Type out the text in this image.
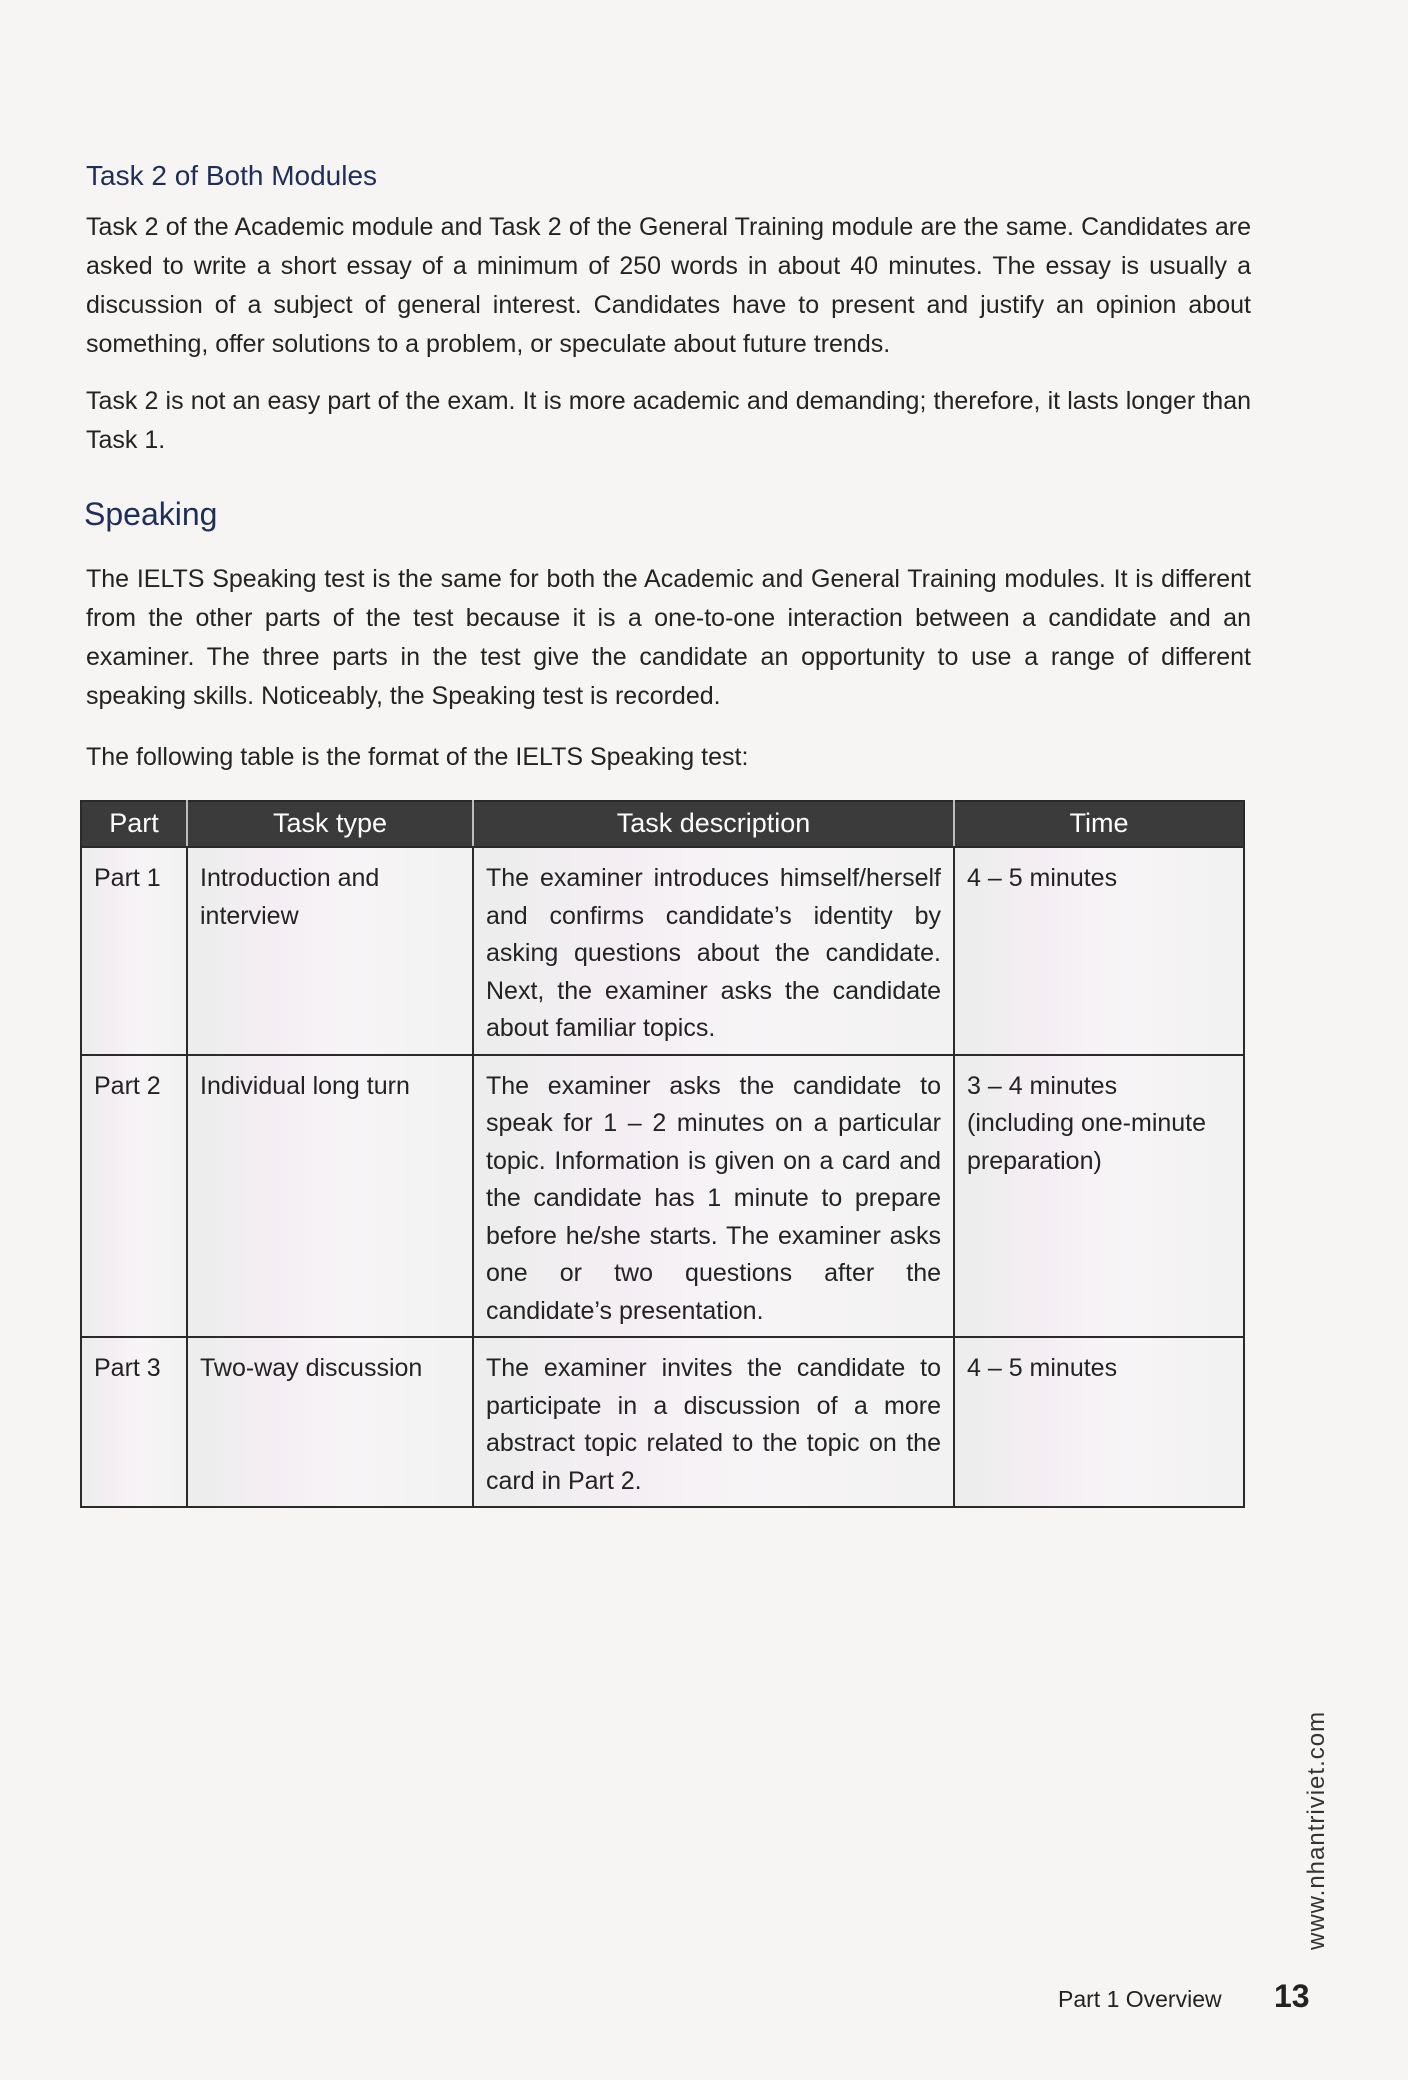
Task 2 of Both Modules

Task 2 of the Academic module and Task 2 of the General Training module are the same. Candidates are asked to write a short essay of a minimum of 250 words in about 40 minutes. The essay is usually a discussion of a subject of general interest. Candidates have to present and justify an opinion about something, offer solutions to a problem, or speculate about future trends.

Task 2 is not an easy part of the exam. It is more academic and demanding; therefore, it lasts longer than Task 1.

Speaking

The IELTS Speaking test is the same for both the Academic and General Training modules. It is different from the other parts of the test because it is a one-to-one interaction between a candidate and an examiner. The three parts in the test give the candidate an opportunity to use a range of different speaking skills. Noticeably, the Speaking test is recorded.

The following table is the format of the IELTS Speaking test:

Part	Task type	Task description	Time
Part 1	Introduction and interview	The examiner introduces himself/herself and confirms candidate’s identity by asking questions about the candidate. Next, the examiner asks the candidate about familiar topics.	4 – 5 minutes
Part 2	Individual long turn	The examiner asks the candidate to speak for 1 – 2 minutes on a particular topic. Information is given on a card and the candidate has 1 minute to prepare before he/she starts. The examiner asks one or two questions after the candidate’s presentation.	3 – 4 minutes (including one-minute preparation)
Part 3	Two-way discussion	The examiner invites the candidate to participate in a discussion of a more abstract topic related to the topic on the card in Part 2.	4 – 5 minutes
www.nhantriviet.com
Part 1 Overview 13
